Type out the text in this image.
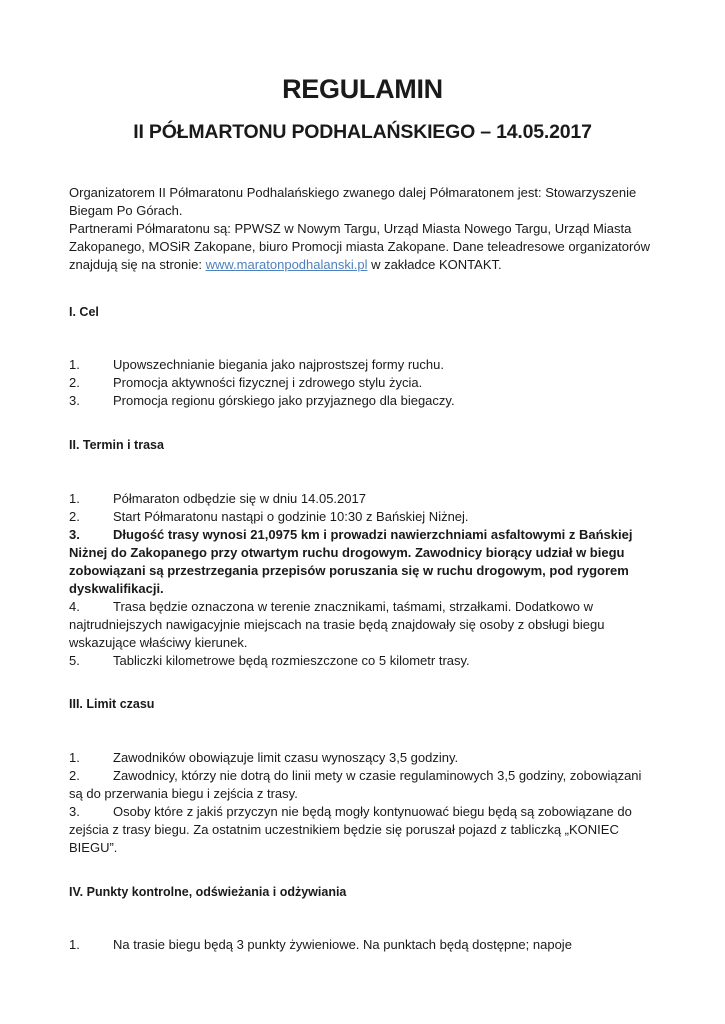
REGULAMIN
II PÓŁMARTONU PODHALAŃSKIEGO – 14.05.2017

Organizatorem II Półmaratonu Podhalańskiego zwanego dalej Półmaratonem jest: Stowarzyszenie Biegam Po Górach.

Partnerami Półmaratonu są: PPWSZ w Nowym Targu, Urząd Miasta Nowego Targu, Urząd Miasta Zakopanego, MOSiR Zakopane, biuro Promocji miasta Zakopane. Dane teleadresowe organizatorów znajdują się na stronie: www.maratonpodhalanski.pl w zakładce KONTAKT.

I. Cel

1.	Upowszechnianie biegania jako najprostszej formy ruchu.

2.	Promocja aktywności fizycznej i zdrowego stylu życia.

3.	Promocja regionu górskiego jako przyjaznego dla biegaczy.

II. Termin i trasa

1.	Półmaraton odbędzie się w dniu 14.05.2017

2.	Start Półmaratonu nastąpi o godzinie 10:30 z Bańskiej Niżnej.

3.	Długość trasy wynosi 21,0975 km i prowadzi nawierzchniami asfaltowymi z Bańskiej Niżnej do Zakopanego przy otwartym ruchu drogowym. Zawodnicy biorący udział w biegu zobowiązani są przestrzegania przepisów poruszania się w ruchu drogowym, pod rygorem dyskwalifikacji.

4.	Trasa będzie oznaczona w terenie znacznikami, taśmami, strzałkami. Dodatkowo w najtrudniejszych nawigacyjnie miejscach na trasie będą znajdowały się osoby z obsługi biegu wskazujące właściwy kierunek.

5.	Tabliczki kilometrowe będą rozmieszczone co 5 kilometr trasy.

III. Limit czasu

1.	Zawodników obowiązuje limit czasu wynoszący 3,5 godziny.

2.	Zawodnicy, którzy nie dotrą do linii mety w czasie regulaminowych 3,5 godziny, zobowiązani są do przerwania biegu i zejścia z trasy.

3.	Osoby które z jakiś przyczyn nie będą mogły kontynuować biegu będą są zobowiązane do zejścia z trasy biegu. Za ostatnim uczestnikiem będzie się poruszał pojazd z tabliczką „KONIEC BIEGU”.

IV. Punkty kontrolne, odświeżania i odżywiania

1.	Na trasie biegu będą 3 punkty żywieniowe. Na punktach będą dostępne; napoje
